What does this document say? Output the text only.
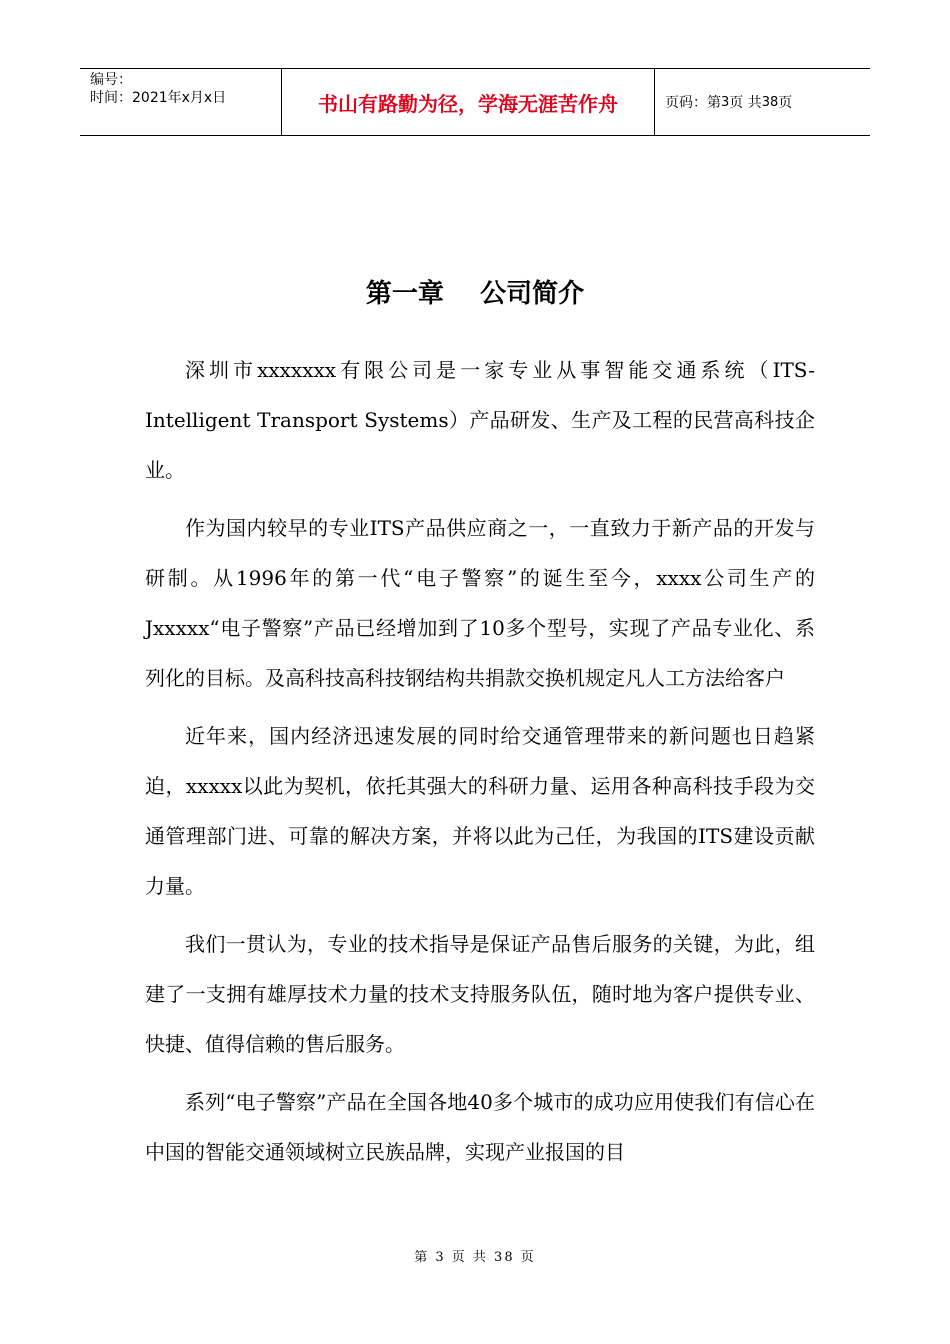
编号：
时间：2021年x月x日	书山有路勤为径，学海无涯苦作舟	页码：第 3 页 共 38 页
第一章    公司简介

深圳市xxxxxxx有限公司是一家专业从事智能交通系统（ITS-Intelligent Transport Systems）产品研发、生产及工程的民营高科技企业。

作为国内较早的专业ITS产品供应商之一，一直致力于新产品的开发与研制。从1996年的第一代“电子警察”的诞生至今，xxxx公司生产的Jxxxxx“电子警察”产品已经增加到了10多个型号，实现了产品专业化、系列化的目标。及高科技高科技钢结构共捐款交换机规定凡人工方法给客户

近年来，国内经济迅速发展的同时给交通管理带来的新问题也日趋紧迫，xxxxx以此为契机，依托其强大的科研力量、运用各种高科技手段为交通管理部门进、可靠的解决方案，并将以此为己任，为我国的ITS建设贡献力量。

我们一贯认为，专业的技术指导是保证产品售后服务的关键，为此，组建了一支拥有雄厚技术力量的技术支持服务队伍，随时地为客户提供专业、快捷、值得信赖的售后服务。

系列“电子警察”产品在全国各地40多个城市的成功应用使我们有信心在中国的智能交通领域树立民族品牌，实现产业报国的目

第 3 页 共 38 页
